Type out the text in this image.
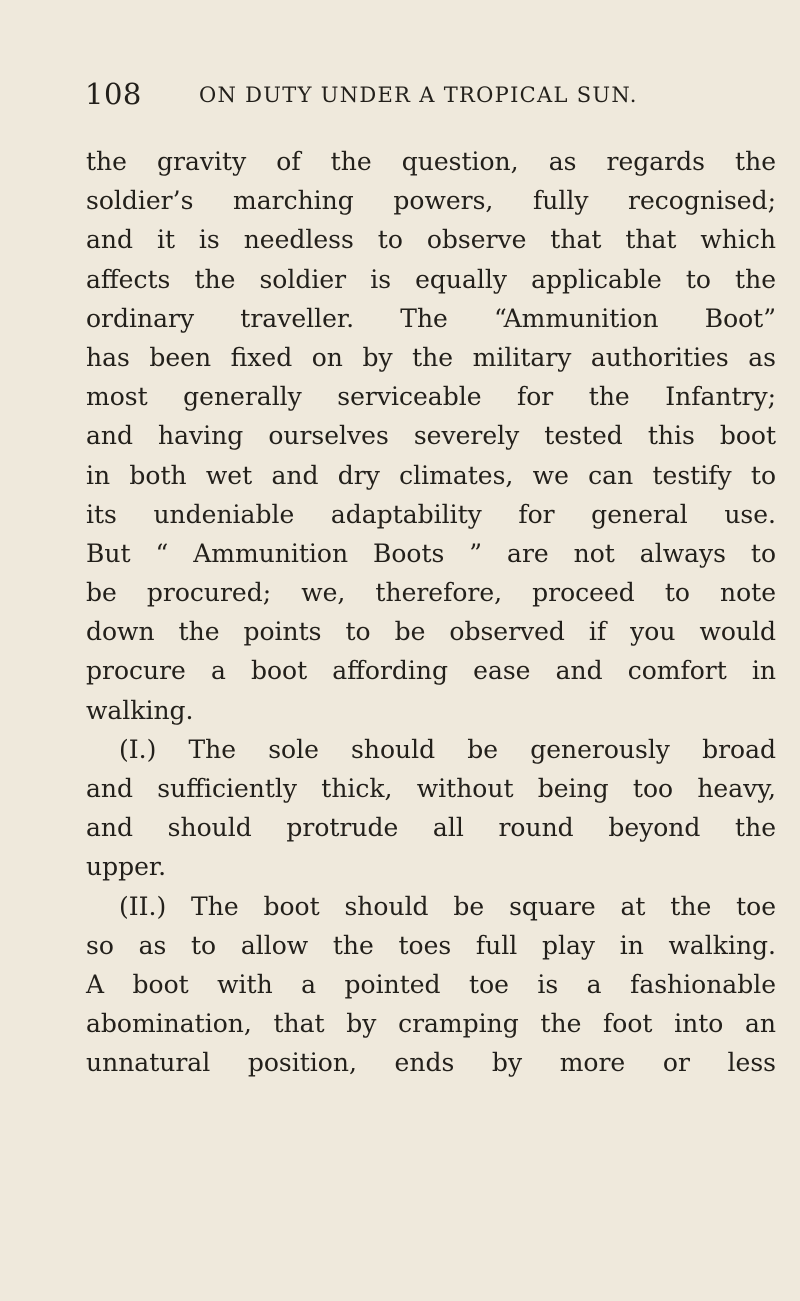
108	ON DUTY UNDER A TROPICAL SUN.
the gravity of the question, as regards the
soldier’s marching powers, fully recognised;
and it is needless to observe that that which
affects the soldier is equally applicable to the
ordinary traveller. The “Ammunition Boot”
has been fixed on by the military authorities as
most generally serviceable for the Infantry;
and having ourselves severely tested this boot
in both wet and dry climates, we can testify to
its undeniable adaptability for general use.
But “ Ammunition Boots ” are not always to
be procured; we, therefore, proceed to note
down the points to be observed if you would
procure a boot affording ease and comfort in
walking.
(I.) The sole should be generously broad
and sufficiently thick, without being too heavy,
and should protrude all round beyond the
upper.
(II.) The boot should be square at the toe
so as to allow the toes full play in walking.
A boot with a pointed toe is a fashionable
abomination, that by cramping the foot into an
unnatural position, ends by more or less
